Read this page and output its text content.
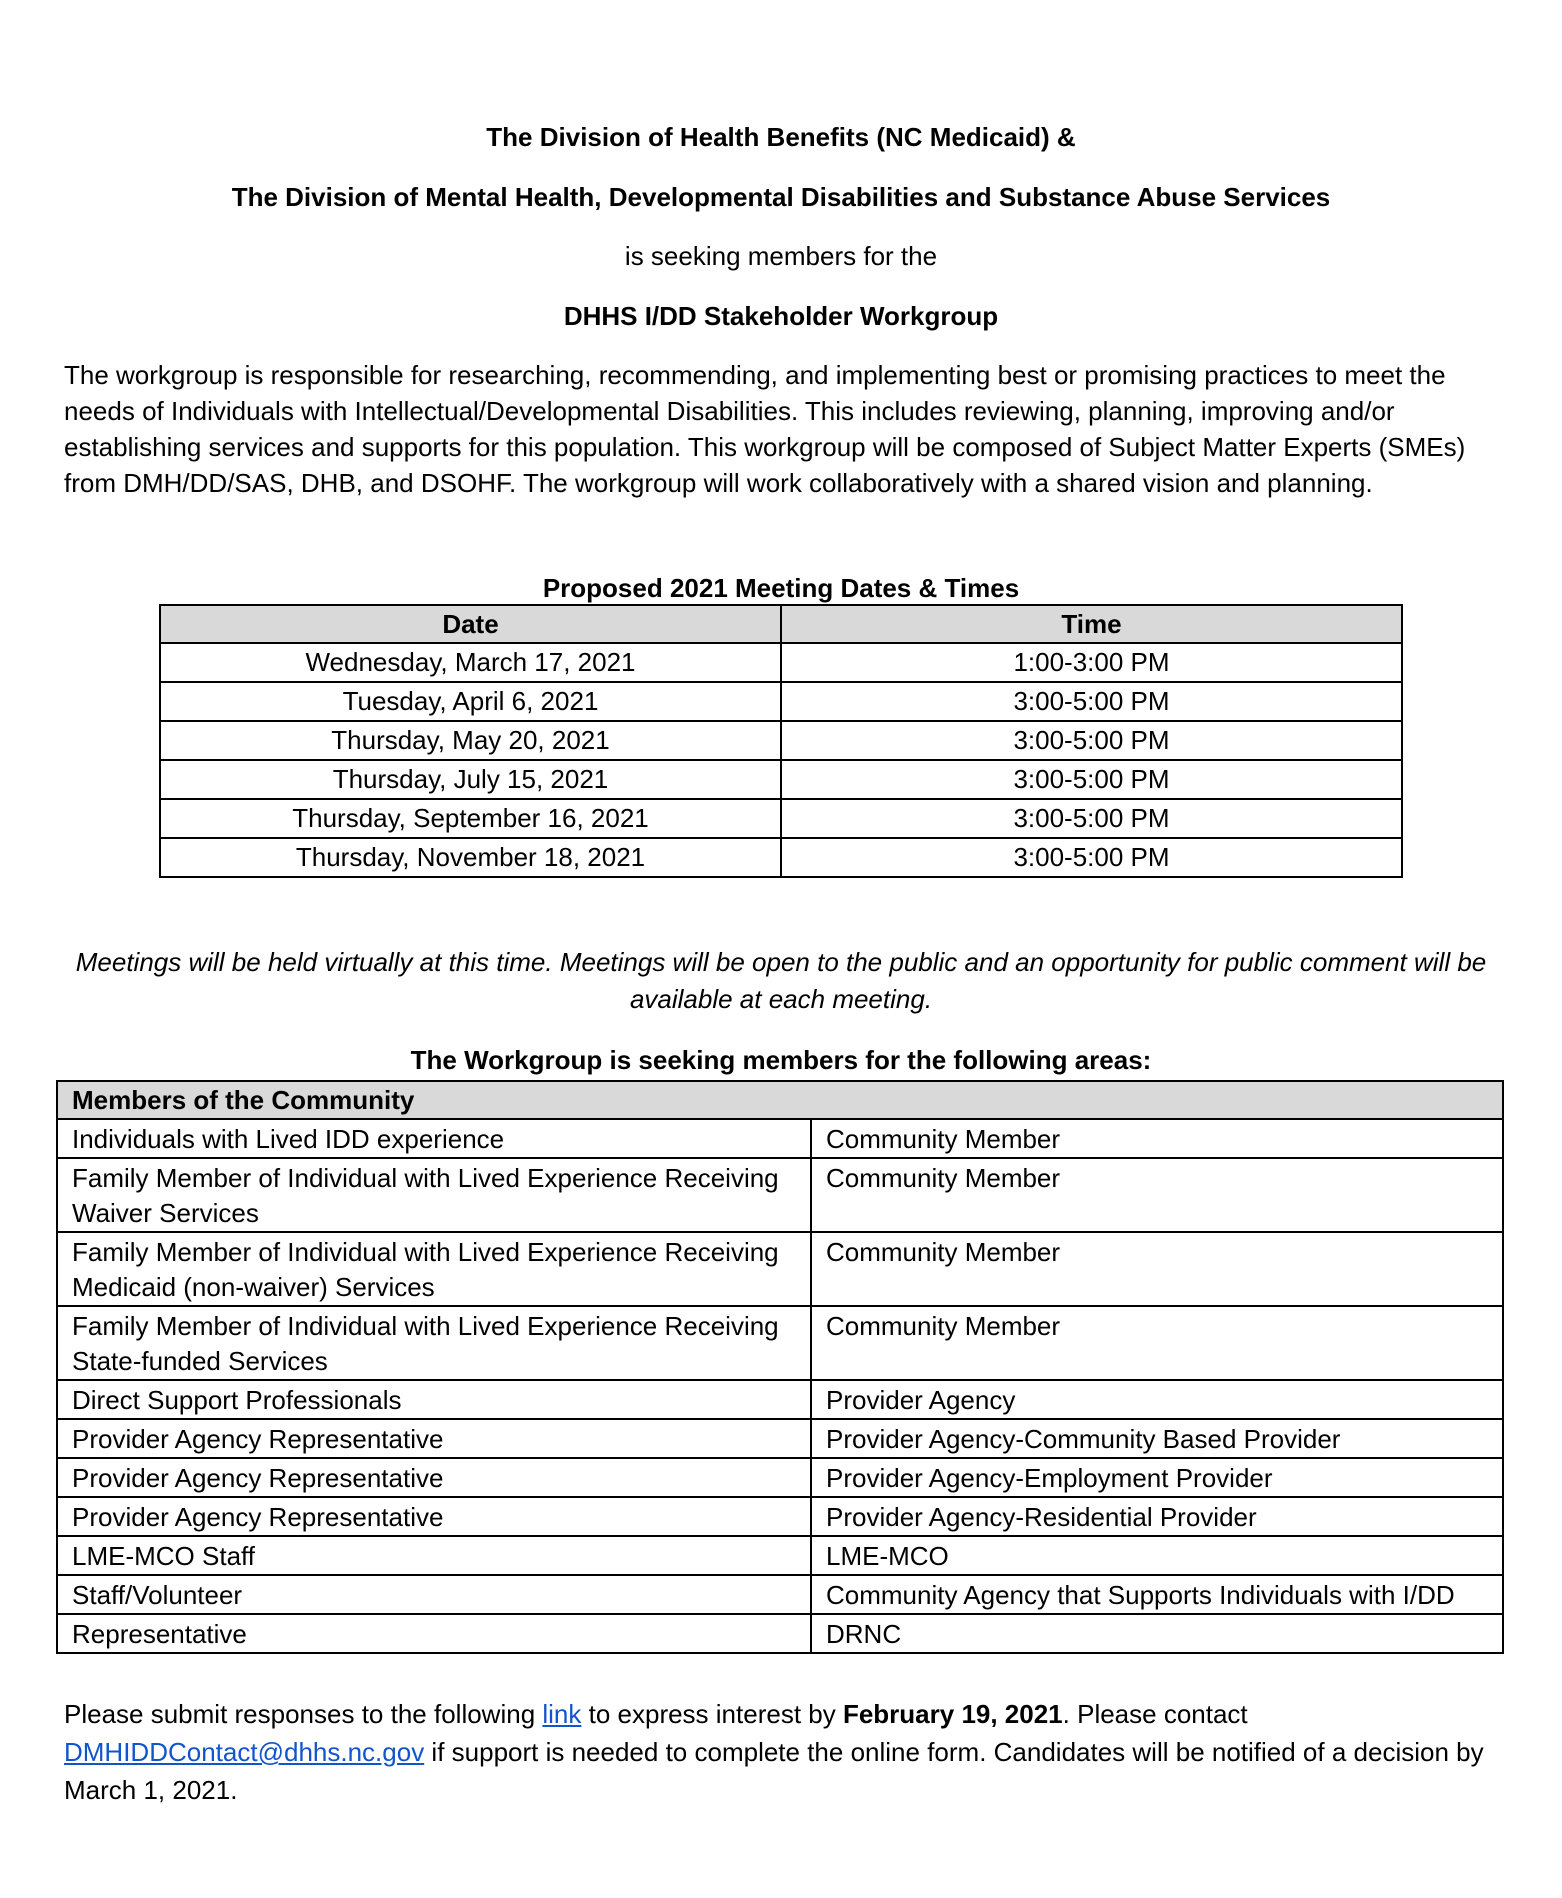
The Division of Health Benefits (NC Medicaid) &
The Division of Mental Health, Developmental Disabilities and Substance Abuse Services
is seeking members for the
DHHS I/DD Stakeholder Workgroup
The workgroup is responsible for researching, recommending, and implementing best or promising practices to meet the needs of Individuals with Intellectual/Developmental Disabilities. This includes reviewing, planning, improving and/or establishing services and supports for this population. This workgroup will be composed of Subject Matter Experts (SMEs) from DMH/DD/SAS, DHB, and DSOHF. The workgroup will work collaboratively with a shared vision and planning.
Proposed 2021 Meeting Dates & Times
Date	Time
Wednesday, March 17, 2021	1:00-3:00 PM
Tuesday, April 6, 2021	3:00-5:00 PM
Thursday, May 20, 2021	3:00-5:00 PM
Thursday, July 15, 2021	3:00-5:00 PM
Thursday, September 16, 2021	3:00-5:00 PM
Thursday, November 18, 2021	3:00-5:00 PM
Meetings will be held virtually at this time. Meetings will be open to the public and an opportunity for public comment will be available at each meeting.
The Workgroup is seeking members for the following areas:
Members of the Community	
Individuals with Lived IDD experience	Community Member
Family Member of Individual with Lived Experience Receiving Waiver Services	Community Member
Family Member of Individual with Lived Experience Receiving Medicaid (non-waiver) Services	Community Member
Family Member of Individual with Lived Experience Receiving State-funded Services	Community Member
Direct Support Professionals	Provider Agency
Provider Agency Representative	Provider Agency-Community Based Provider
Provider Agency Representative	Provider Agency-Employment Provider
Provider Agency Representative	Provider Agency-Residential Provider
LME-MCO Staff	LME-MCO
Staff/Volunteer	Community Agency that Supports Individuals with I/DD
Representative	DRNC
Please submit responses to the following link to express interest by February 19, 2021. Please contact DMHIDDContact@dhhs.nc.gov if support is needed to complete the online form. Candidates will be notified of a decision by March 1, 2021.
